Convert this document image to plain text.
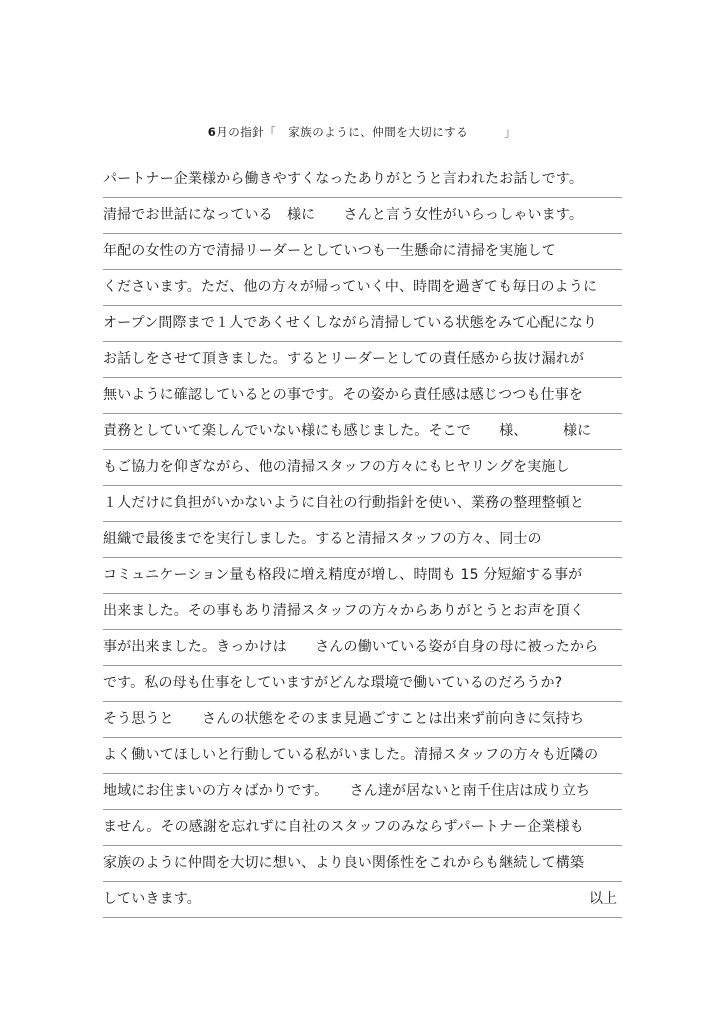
6月の指針「　家族のように、仲間を大切にする　　　」
パートナー企業様から働きやすくなったありがとうと言われたお話しです。
清掃でお世話になっている　様に　　さんと言う女性がいらっしゃいます。
年配の女性の方で清掃リーダーとしていつも一生懸命に清掃を実施して
くださいます。ただ、他の方々が帰っていく中、時間を過ぎても毎日のように
オープン間際まで１人であくせくしながら清掃している状態をみて心配になり
お話しをさせて頂きました。するとリーダーとしての責任感から抜け漏れが
無いように確認しているとの事です。その姿から責任感は感じつつも仕事を
責務としていて楽しんでいない様にも感じました。そこで　　様、　　　様に
もご協力を仰ぎながら、他の清掃スタッフの方々にもヒヤリングを実施し
１人だけに負担がいかないように自社の行動指針を使い、業務の整理整頓と
組織で最後までを実行しました。すると清掃スタッフの方々、同士の
コミュニケーション量も格段に増え精度が増し、時間も 15 分短縮する事が
出来ました。その事もあり清掃スタッフの方々からありがとうとお声を頂く
事が出来ました。きっかけは　　さんの働いている姿が自身の母に被ったから
です。私の母も仕事をしていますがどんな環境で働いているのだろうか?
そう思うと　　さんの状態をそのまま見過ごすことは出来ず前向きに気持ち
よく働いてほしいと行動している私がいました。清掃スタッフの方々も近隣の
地域にお住まいの方々ばかりです。　　さん達が居ないと南千住店は成り立ち
ません。その感謝を忘れずに自社のスタッフのみならずパートナー企業様も
家族のように仲間を大切に想い、より良い関係性をこれからも継続して構築
していきます。	以上
